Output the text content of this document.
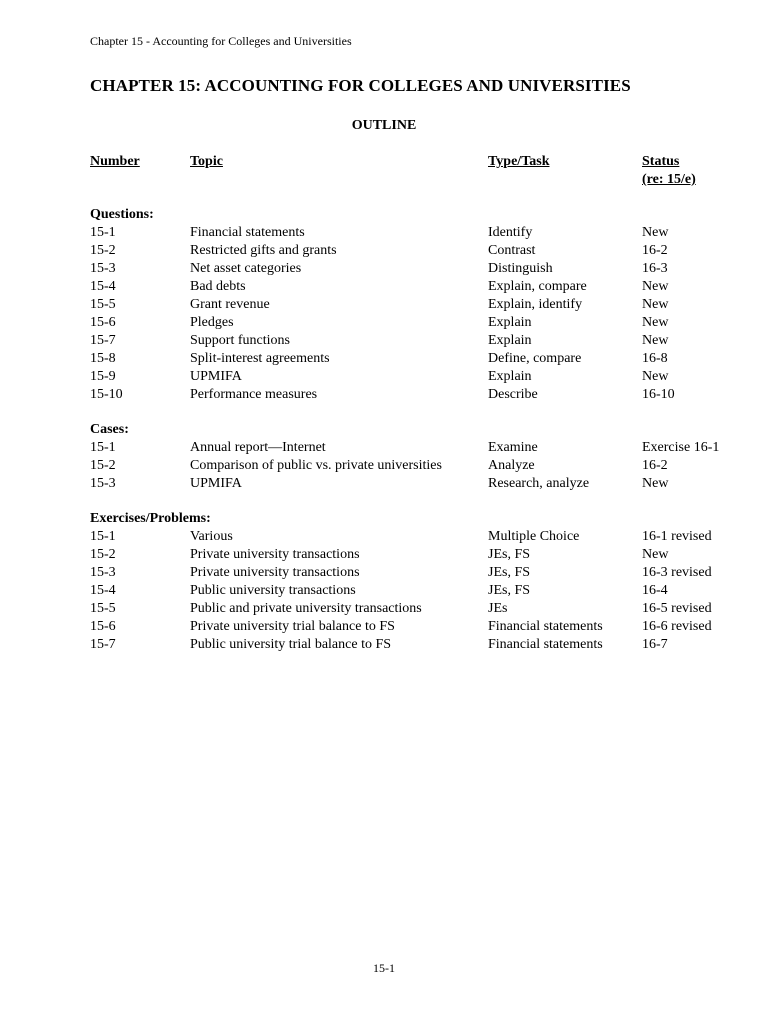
Chapter 15 - Accounting for Colleges and Universities
CHAPTER 15: ACCOUNTING FOR COLLEGES AND UNIVERSITIES
OUTLINE
Number	Topic	Type/Task	Status
(re: 15/e)
Questions:
15-1	Financial statements	Identify	New
15-2	Restricted gifts and grants	Contrast	16-2
15-3	Net asset categories	Distinguish	16-3
15-4	Bad debts	Explain, compare	New
15-5	Grant revenue	Explain, identify	New
15-6	Pledges	Explain	New
15-7	Support functions	Explain	New
15-8	Split-interest agreements	Define, compare	16-8
15-9	UPMIFA	Explain	New
15-10	Performance measures	Describe	16-10
Cases:
15-1	Annual report—Internet	Examine	Exercise 16-1
15-2	Comparison of public vs. private universities	Analyze	16-2
15-3	UPMIFA	Research, analyze	New
Exercises/Problems:
15-1	Various	Multiple Choice	16-1 revised
15-2	Private university transactions	JEs, FS	New
15-3	Private university transactions	JEs, FS	16-3 revised
15-4	Public university transactions	JEs, FS	16-4
15-5	Public and private university transactions	JEs	16-5 revised
15-6	Private university trial balance to FS	Financial statements	16-6 revised
15-7	Public university trial balance to FS	Financial statements	16-7
15-1
